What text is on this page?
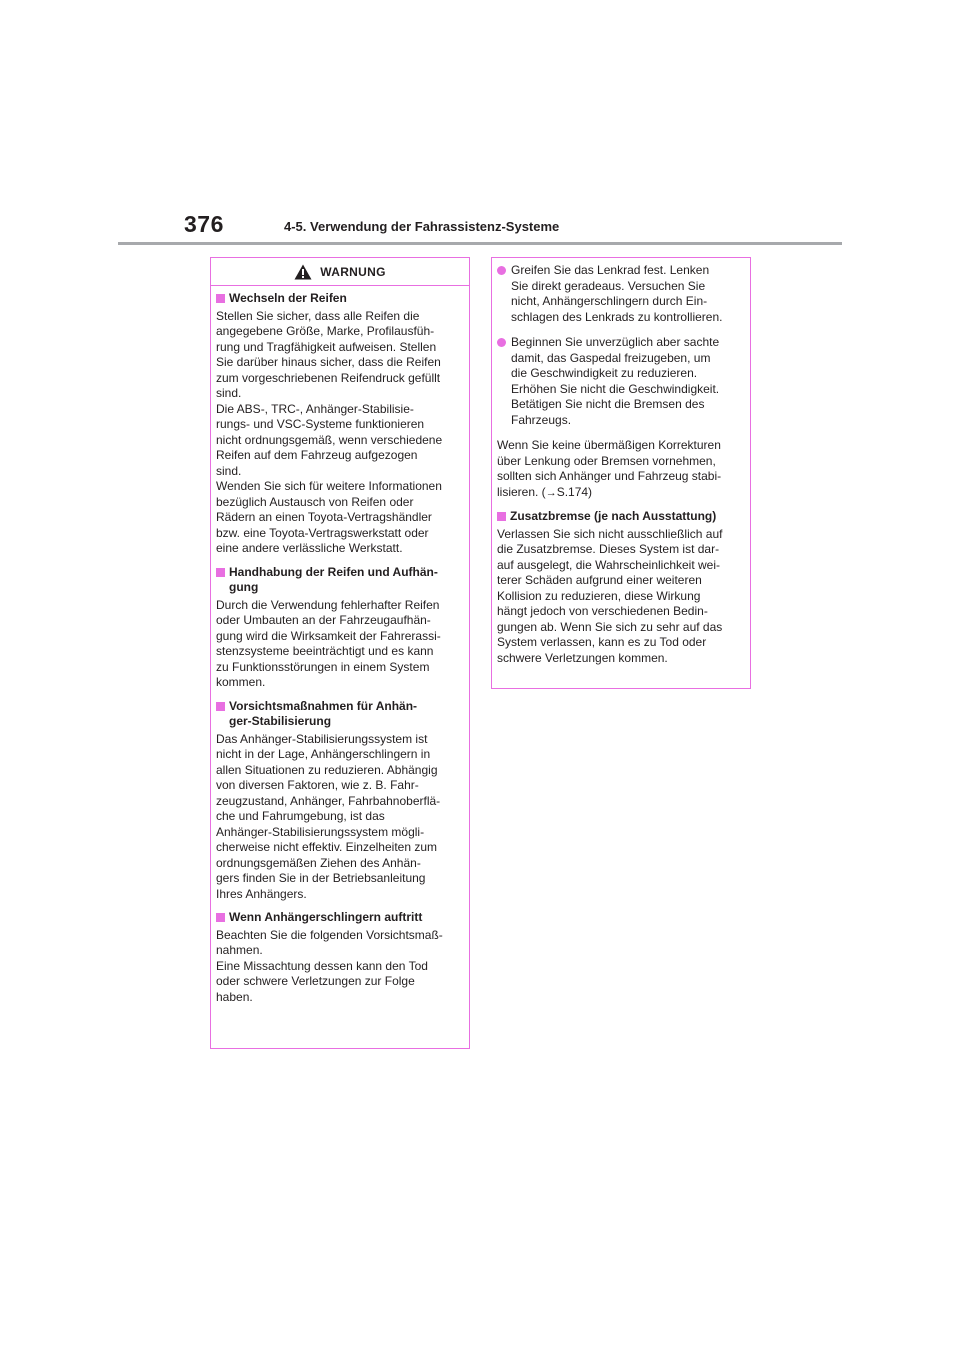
376	4-5. Verwendung der Fahrassistenz-Systeme
WARNUNG
Wechseln der Reifen

Stellen Sie sicher, dass alle Reifen die
angegebene Größe, Marke, Profilausfüh-
rung und Tragfähigkeit aufweisen. Stellen
Sie darüber hinaus sicher, dass die Reifen
zum vorgeschriebenen Reifendruck gefüllt
sind.
Die ABS-, TRC-, Anhänger-Stabilisie-
rungs- und VSC-Systeme funktionieren
nicht ordnungsgemäß, wenn verschiedene
Reifen auf dem Fahrzeug aufgezogen
sind.
Wenden Sie sich für weitere Informationen
bezüglich Austausch von Reifen oder
Rädern an einen Toyota-Vertragshändler
bzw. eine Toyota-Vertragswerkstatt oder
eine andere verlässliche Werkstatt.

Handhabung der Reifen und Aufhän-
gung

Durch die Verwendung fehlerhafter Reifen
oder Umbauten an der Fahrzeugaufhän-
gung wird die Wirksamkeit der Fahrerassi-
stenzsysteme beeinträchtigt und es kann
zu Funktionsstörungen in einem System
kommen.

Vorsichtsmaßnahmen für Anhän-
ger-Stabilisierung

Das Anhänger-Stabilisierungssystem ist
nicht in der Lage, Anhängerschlingern in
allen Situationen zu reduzieren. Abhängig
von diversen Faktoren, wie z. B. Fahr-
zeugzustand, Anhänger, Fahrbahnoberflä-
che und Fahrumgebung, ist das
Anhänger-Stabilisierungssystem mögli-
cherweise nicht effektiv. Einzelheiten zum
ordnungsgemäßen Ziehen des Anhän-
gers finden Sie in der Betriebsanleitung
Ihres Anhängers.

Wenn Anhängerschlingern auftritt

Beachten Sie die folgenden Vorsichtsmaß-
nahmen.
Eine Missachtung dessen kann den Tod
oder schwere Verletzungen zur Folge
haben.

Greifen Sie das Lenkrad fest. Lenken
Sie direkt geradeaus. Versuchen Sie
nicht, Anhängerschlingern durch Ein-
schlagen des Lenkrads zu kontrollieren.

Beginnen Sie unverzüglich aber sachte
damit, das Gaspedal freizugeben, um
die Geschwindigkeit zu reduzieren.
Erhöhen Sie nicht die Geschwindigkeit.
Betätigen Sie nicht die Bremsen des
Fahrzeugs.

Wenn Sie keine übermäßigen Korrekturen
über Lenkung oder Bremsen vornehmen,
sollten sich Anhänger und Fahrzeug stabi-
lisieren. (→S.174)

Zusatzbremse (je nach Ausstattung)

Verlassen Sie sich nicht ausschließlich auf
die Zusatzbremse. Dieses System ist dar-
auf ausgelegt, die Wahrscheinlichkeit wei-
terer Schäden aufgrund einer weiteren
Kollision zu reduzieren, diese Wirkung
hängt jedoch von verschiedenen Bedin-
gungen ab. Wenn Sie sich zu sehr auf das
System verlassen, kann es zu Tod oder
schwere Verletzungen kommen.
